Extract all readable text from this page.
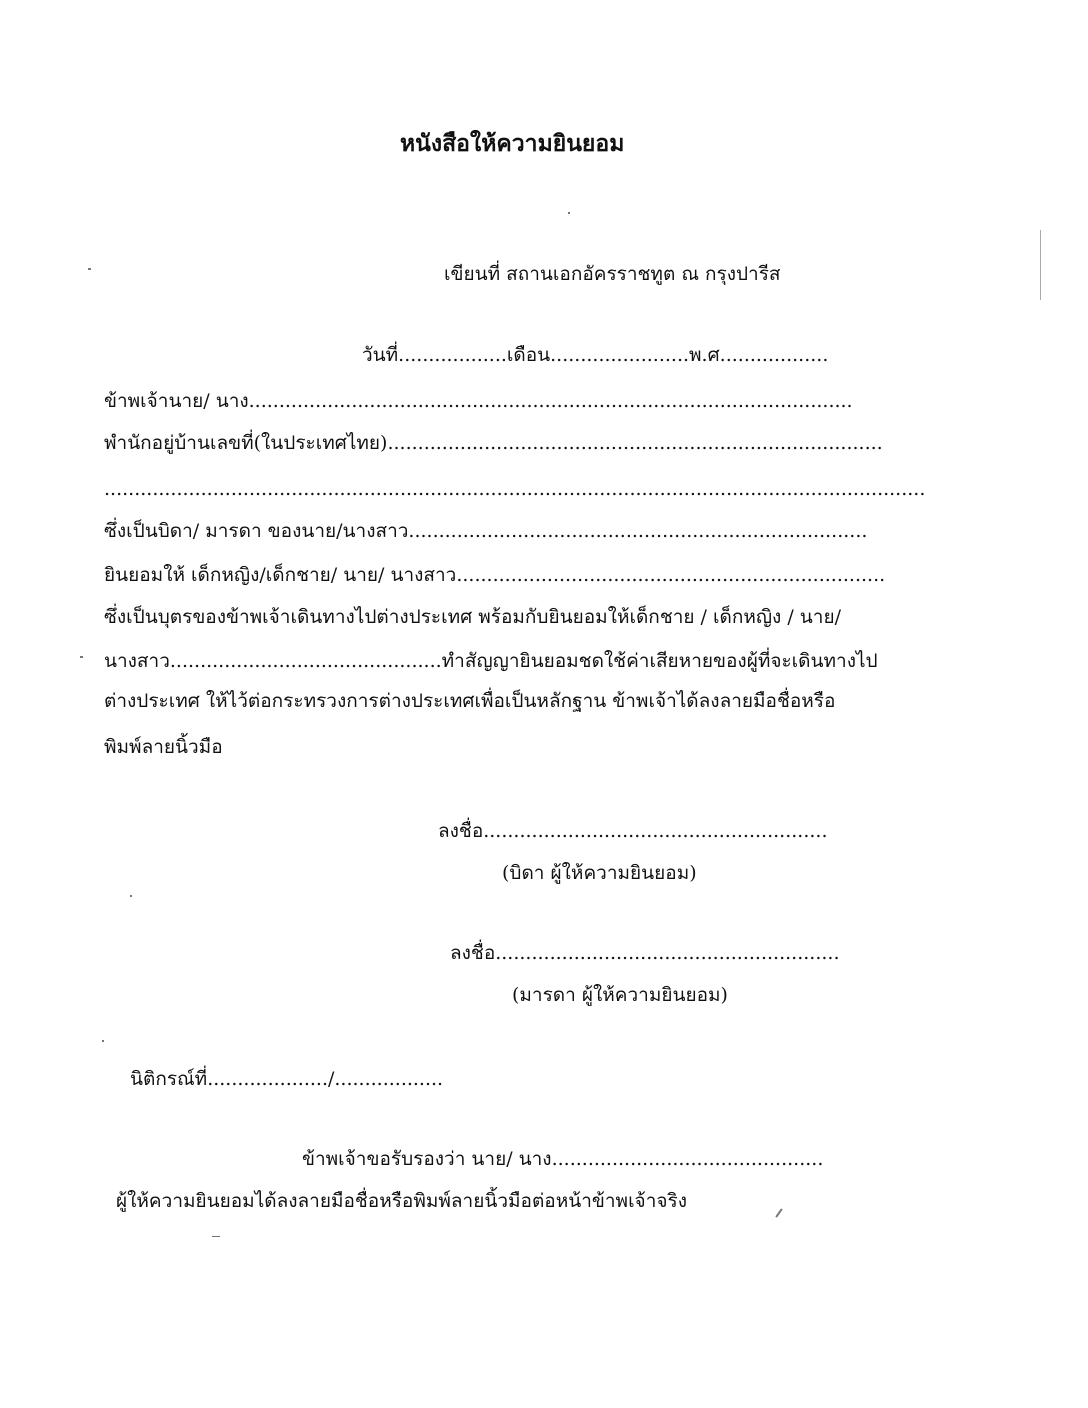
หนังสือให้ความยินยอม
เขียนที่ สถานเอกอัครราชทูต ณ กรุงปารีส
วันที่..................เดือน.......................พ.ศ..................
ข้าพเจ้านาย/ นาง....................................................................................................
พำนักอยู่บ้านเลขที่(ในประเทศไทย)..................................................................................
........................................................................................................................................
ซึ่งเป็นบิดา/ มารดา ของนาย/นางสาว............................................................................
ยินยอมให้ เด็กหญิง/เด็กชาย/ นาย/ นางสาว.......................................................................
ซึ่งเป็นบุตรของข้าพเจ้าเดินทางไปต่างประเทศ พร้อมกับยินยอมให้เด็กชาย / เด็กหญิง / นาย/
นางสาว.............................................ทำสัญญายินยอมชดใช้ค่าเสียหายของผู้ที่จะเดินทางไป
ต่างประเทศ ให้ไว้ต่อกระทรวงการต่างประเทศเพื่อเป็นหลักฐาน ข้าพเจ้าได้ลงลายมือชื่อหรือ
พิมพ์ลายนิ้วมือ
ลงชื่อ.........................................................
(บิดา ผู้ให้ความยินยอม)
ลงชื่อ.........................................................
(มารดา ผู้ให้ความยินยอม)
นิติกรณ์ที่..................../..................
ข้าพเจ้าขอรับรองว่า นาย/ นาง.............................................
ผู้ให้ความยินยอมได้ลงลายมือชื่อหรือพิมพ์ลายนิ้วมือต่อหน้าข้าพเจ้าจริง
